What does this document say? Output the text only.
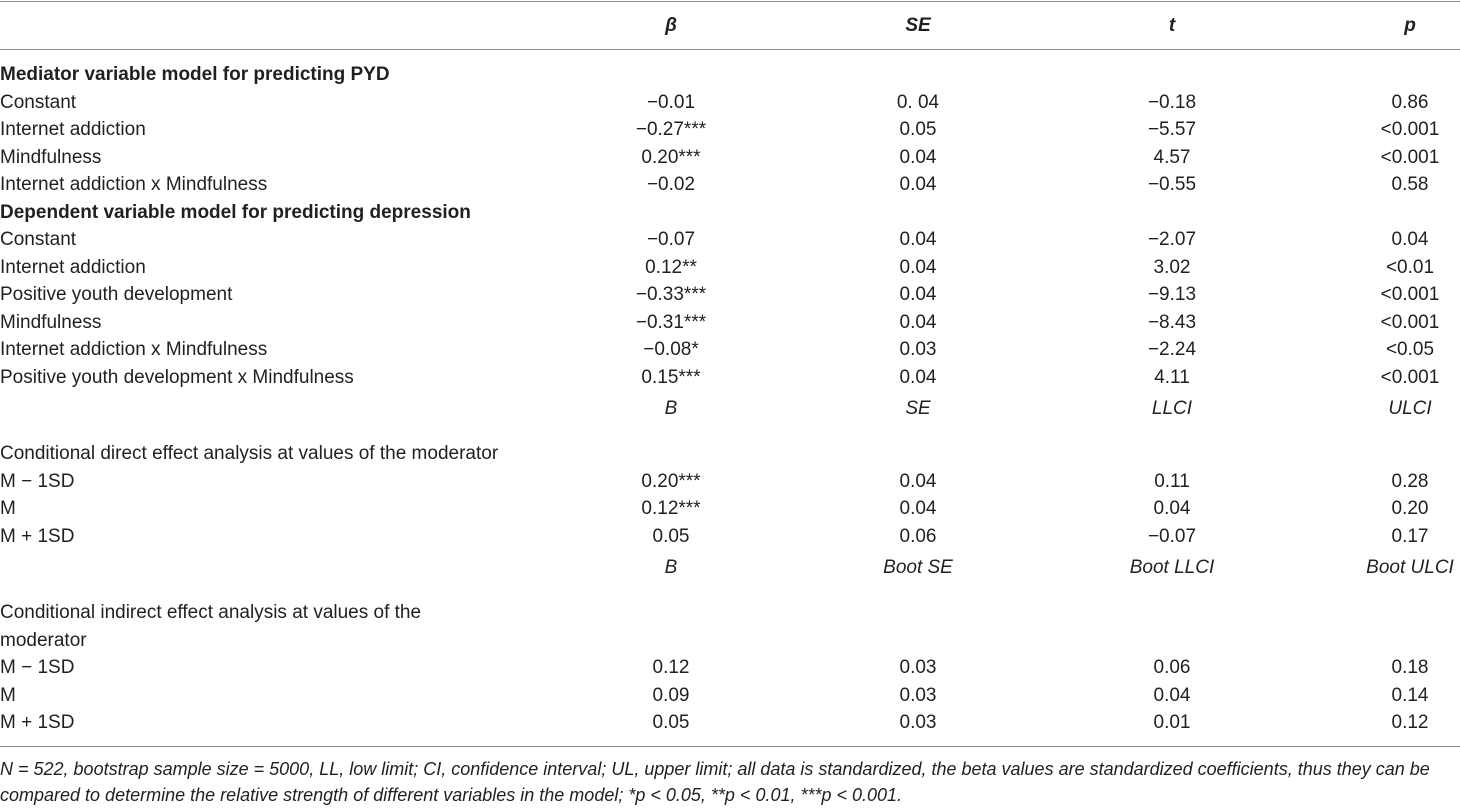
β	SE	t	p
Mediator variable model for predicting PYD
Constant	−0.01	0. 04	−0.18	0.86
Internet addiction	−0.27***	0.05	−5.57	<0.001
Mindfulness	0.20***	0.04	4.57	<0.001
Internet addiction x Mindfulness	−0.02	0.04	−0.55	0.58
Dependent variable model for predicting depression
Constant	−0.07	0.04	−2.07	0.04
Internet addiction	0.12**	0.04	3.02	<0.01
Positive youth development	−0.33***	0.04	−9.13	<0.001
Mindfulness	−0.31***	0.04	−8.43	<0.001
Internet addiction x Mindfulness	−0.08*	0.03	−2.24	<0.05
Positive youth development x Mindfulness	0.15***	0.04	4.11	<0.001
B	SE	LLCI	ULCI
Conditional direct effect analysis at values of the moderator
M − 1SD	0.20***	0.04	0.11	0.28
M	0.12***	0.04	0.04	0.20
M + 1SD	0.05	0.06	−0.07	0.17
B	Boot SE	Boot LLCI	Boot ULCI
Conditional indirect effect analysis at values of the
moderator
M − 1SD	0.12	0.03	0.06	0.18
M	0.09	0.03	0.04	0.14
M + 1SD	0.05	0.03	0.01	0.12
N = 522, bootstrap sample size = 5000, LL, low limit; CI, confidence interval; UL, upper limit; all data is standardized, the beta values are standardized coefficients, thus they can be compared to determine the relative strength of different variables in the model; *p < 0.05, **p < 0.01, ***p < 0.001.
